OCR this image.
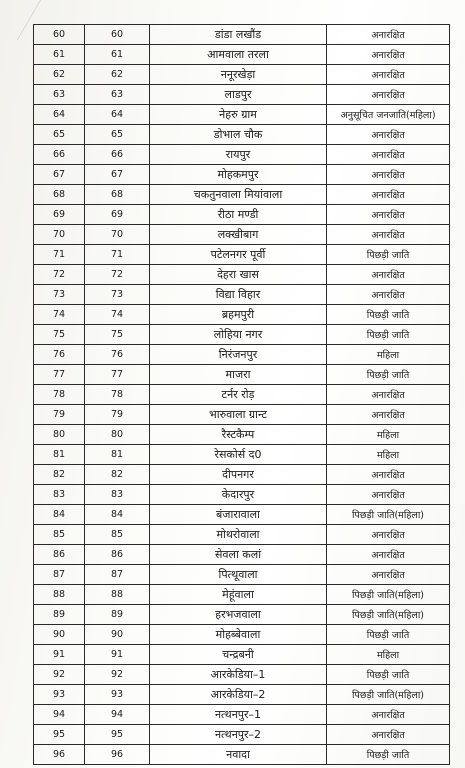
60	60	डांडा लखौंड	अनारक्षित
61	61	आमवाला तरला	अनारक्षित
62	62	ननूरखेड़ा	अनारक्षित
63	63	लाडपुर	अनारक्षित
64	64	नेहरु ग्राम	अनुसूचित जनजाति(महिला)
65	65	डोभाल चौक	अनारक्षित
66	66	रायपुर	अनारक्षित
67	67	मोहकमपुर	अनारक्षित
68	68	चकतुनवाला मियांवाला	अनारक्षित
69	69	रीठा मण्डी	अनारक्षित
70	70	लक्खीबाग	अनारक्षित
71	71	पटेलनगर पूर्वी	पिछड़ी जाति
72	72	देहरा खास	अनारक्षित
73	73	विद्या विहार	अनारक्षित
74	74	ब्रहमपुरी	पिछड़ी जाति
75	75	लोहिया नगर	पिछड़ी जाति
76	76	निरंजनपुर	महिला
77	77	माजरा	पिछड़ी जाति
78	78	टर्नर रोड़	अनारक्षित
79	79	भारुवाला ग्रान्ट	अनारक्षित
80	80	रैस्टकैम्प	महिला
81	81	रेसकोर्स द0	महिला
82	82	दीपनगर	अनारक्षित
83	83	केदारपुर	अनारक्षित
84	84	बंजारावाला	पिछड़ी जाति(महिला)
85	85	मोथरोवाला	अनारक्षित
86	86	सेवला कलां	अनारक्षित
87	87	पित्थूवाला	अनारक्षित
88	88	मेहूंवाला	पिछड़ी जाति(महिला)
89	89	हरभजवाला	पिछड़ी जाति(महिला)
90	90	मोहब्बेवाला	पिछड़ी जाति
91	91	चन्द्रबनी	महिला
92	92	आरकेडिया–1	पिछड़ी जाति
93	93	आरकेडिया–2	पिछड़ी जाति(महिला)
94	94	नत्थनपुर–1	अनारक्षित
95	95	नत्थनपुर–2	अनारक्षित
96	96	नवादा	पिछड़ी जाति
